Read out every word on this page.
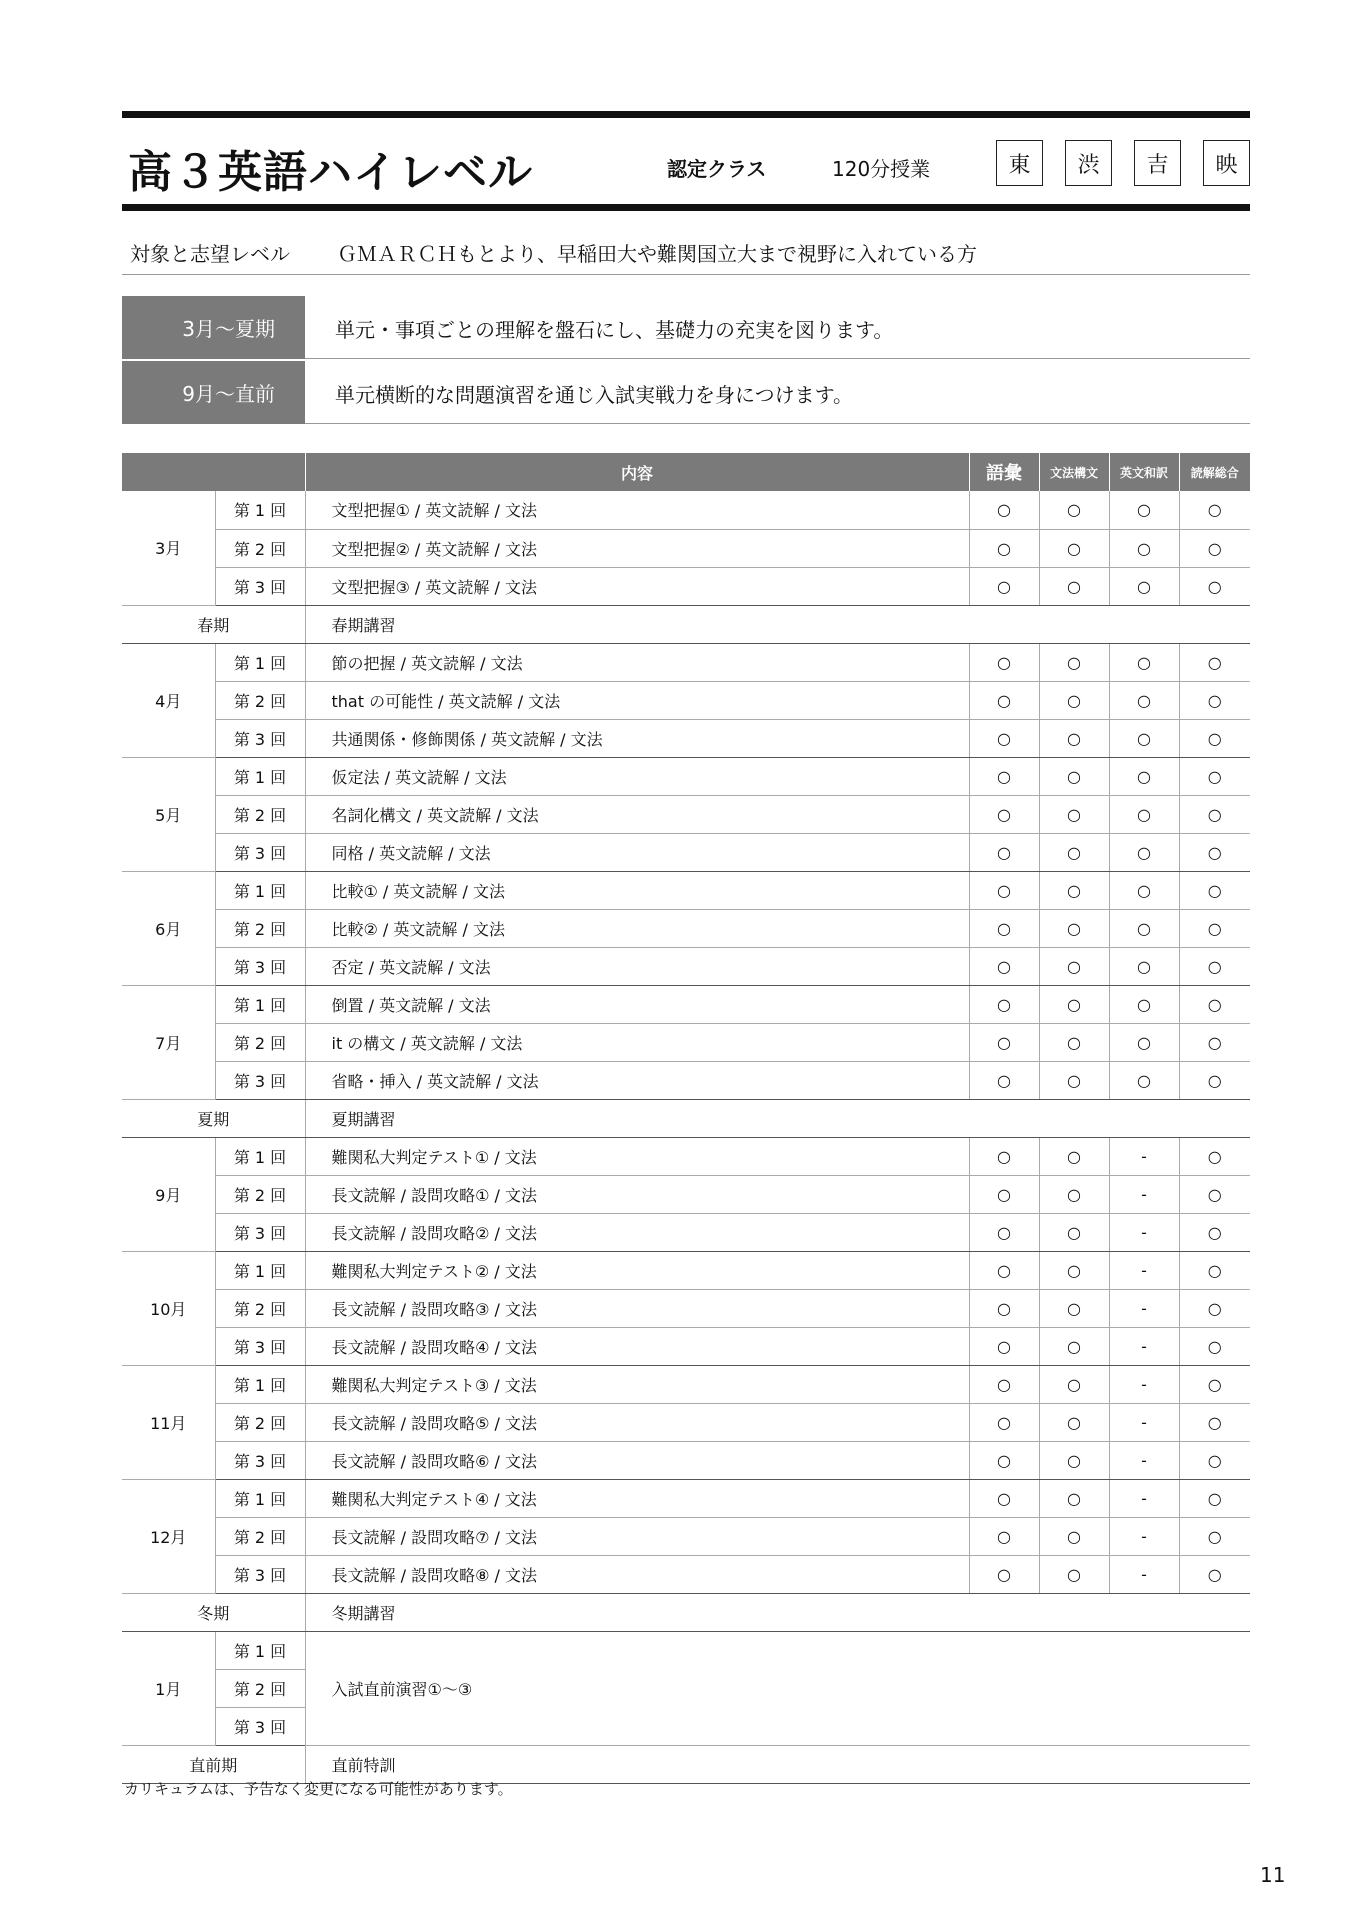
高３英語ハイレベル	認定クラス	120分授業	東	渋	吉	映
対象と志望レベル ＧＭＡＲＣＨもとより、早稲田大や難関国立大まで視野に入れている方
3月〜夏期	単元・事項ごとの理解を盤石にし、基礎力の充実を図ります。
9月〜直前	単元横断的な問題演習を通じ入試実戦力を身につけます。
		内容	語彙	文法構文	英文和訳	読解総合
3月	第 1 回	文型把握① / 英文読解 / 文法	○	○	○	○
	第 2 回	文型把握② / 英文読解 / 文法	○	○	○	○
	第 3 回	文型把握③ / 英文読解 / 文法	○	○	○	○
春期		春期講習				
4月	第 1 回	節の把握 / 英文読解 / 文法	○	○	○	○
	第 2 回	that の可能性 / 英文読解 / 文法	○	○	○	○
	第 3 回	共通関係・修飾関係 / 英文読解 / 文法	○	○	○	○
5月	第 1 回	仮定法 / 英文読解 / 文法	○	○	○	○
	第 2 回	名詞化構文 / 英文読解 / 文法	○	○	○	○
	第 3 回	同格 / 英文読解 / 文法	○	○	○	○
6月	第 1 回	比較① / 英文読解 / 文法	○	○	○	○
	第 2 回	比較② / 英文読解 / 文法	○	○	○	○
	第 3 回	否定 / 英文読解 / 文法	○	○	○	○
7月	第 1 回	倒置 / 英文読解 / 文法	○	○	○	○
	第 2 回	it の構文 / 英文読解 / 文法	○	○	○	○
	第 3 回	省略・挿入 / 英文読解 / 文法	○	○	○	○
夏期		夏期講習				
9月	第 1 回	難関私大判定テスト① / 文法	○	○	-	○
	第 2 回	長文読解 / 設問攻略① / 文法	○	○	-	○
	第 3 回	長文読解 / 設問攻略② / 文法	○	○	-	○
10月	第 1 回	難関私大判定テスト② / 文法	○	○	-	○
	第 2 回	長文読解 / 設問攻略③ / 文法	○	○	-	○
	第 3 回	長文読解 / 設問攻略④ / 文法	○	○	-	○
11月	第 1 回	難関私大判定テスト③ / 文法	○	○	-	○
	第 2 回	長文読解 / 設問攻略⑤ / 文法	○	○	-	○
	第 3 回	長文読解 / 設問攻略⑥ / 文法	○	○	-	○
12月	第 1 回	難関私大判定テスト④ / 文法	○	○	-	○
	第 2 回	長文読解 / 設問攻略⑦ / 文法	○	○	-	○
	第 3 回	長文読解 / 設問攻略⑧ / 文法	○	○	-	○
冬期		冬期講習				
1月	第 1 回	入試直前演習①〜③				
	第 2 回					
	第 3 回					
直前期		直前特訓				
カリキュラムは、予告なく変更になる可能性があります。
11
